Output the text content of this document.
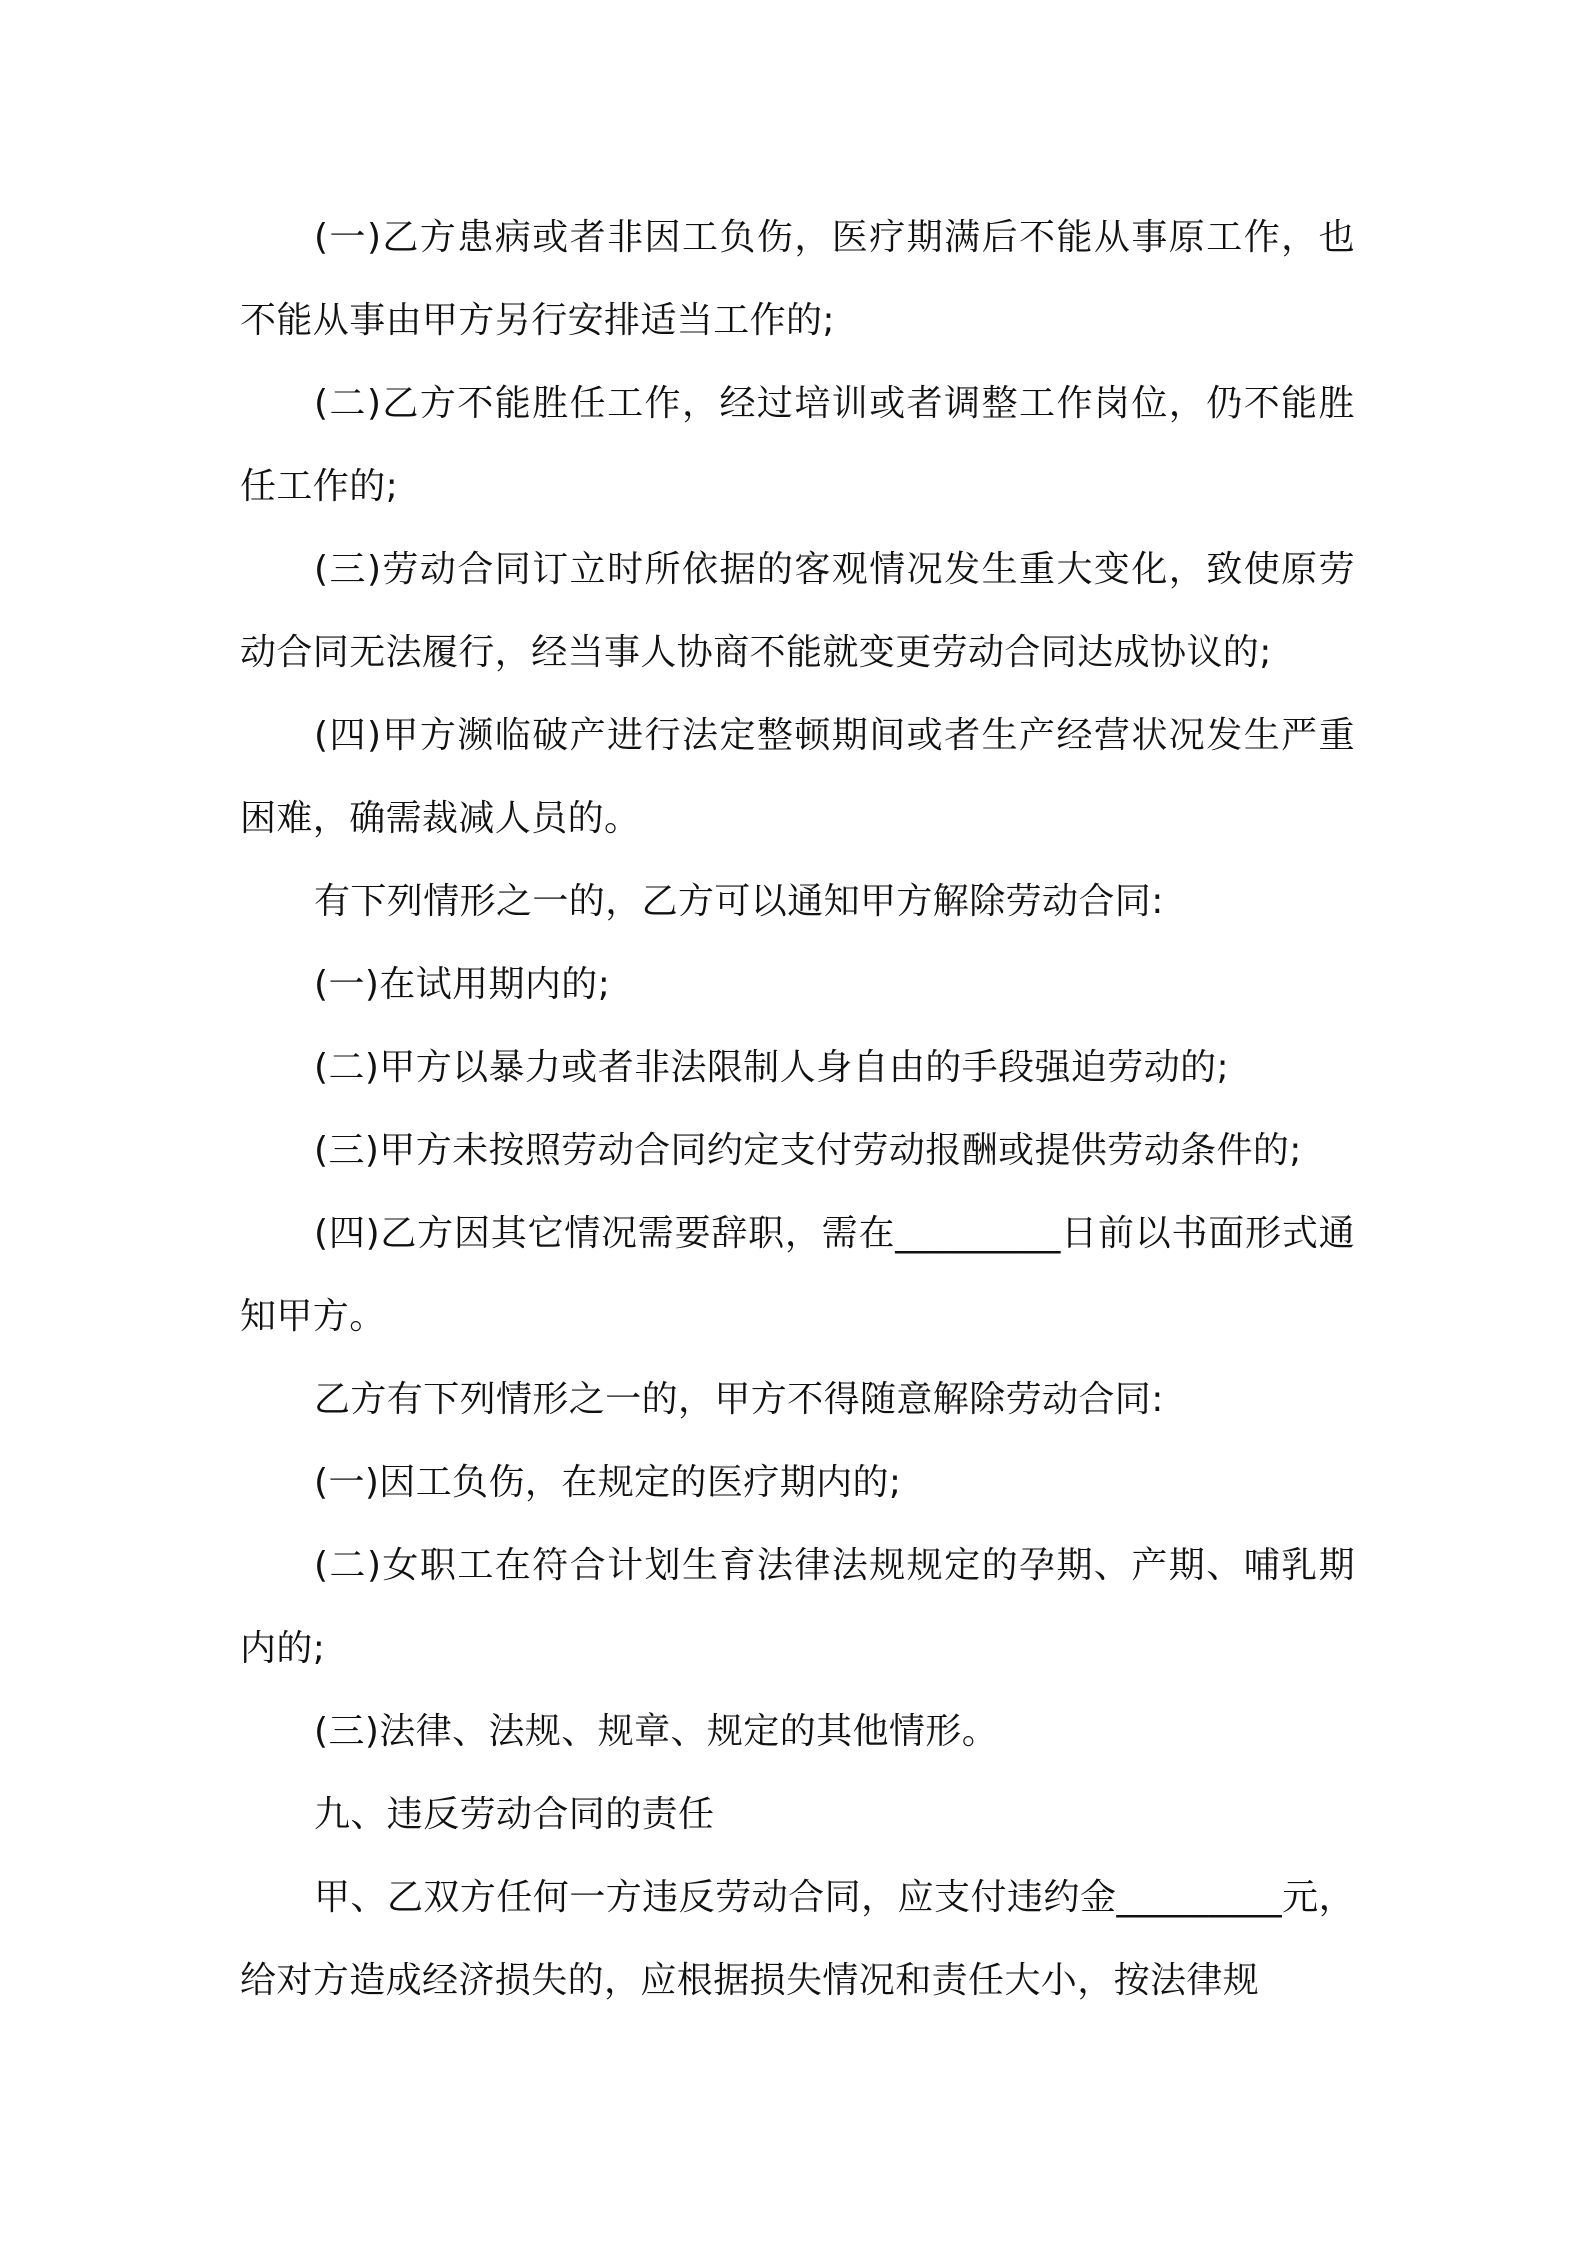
(一)乙方患病或者非因工负伤，医疗期满后不能从事原工作，也不能从事由甲方另行安排适当工作的;

(二)乙方不能胜任工作，经过培训或者调整工作岗位，仍不能胜任工作的;

(三)劳动合同订立时所依据的客观情况发生重大变化，致使原劳动合同无法履行，经当事人协商不能就变更劳动合同达成协议的;

(四)甲方濒临破产进行法定整顿期间或者生产经营状况发生严重困难，确需裁减人员的。

有下列情形之一的，乙方可以通知甲方解除劳动合同:

(一)在试用期内的;

(二)甲方以暴力或者非法限制人身自由的手段强迫劳动的;

(三)甲方未按照劳动合同约定支付劳动报酬或提供劳动条件的;

(四)乙方因其它情况需要辞职，需在_________日前以书面形式通知甲方。

乙方有下列情形之一的，甲方不得随意解除劳动合同:

(一)因工负伤，在规定的医疗期内的;

(二)女职工在符合计划生育法律法规规定的孕期、产期、哺乳期内的;

(三)法律、法规、规章、规定的其他情形。

九、违反劳动合同的责任

甲、乙双方任何一方违反劳动合同，应支付违约金_________元，给对方造成经济损失的，应根据损失情况和责任大小，按法律规
